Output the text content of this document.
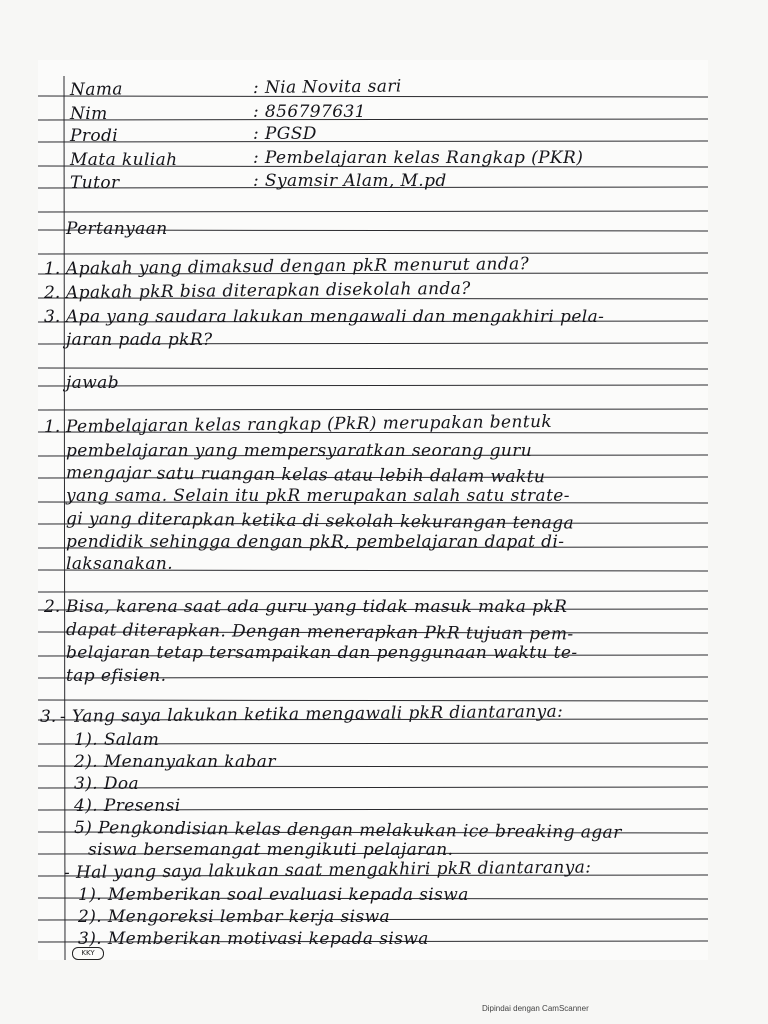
Nama	: Nia Novita sari
Nim	: 856797631
Prodi	: PGSD
Mata kuliah	: Pembelajaran kelas Rangkap (PKR)
Tutor	: Syamsir Alam, M.pd
Pertanyaan
1. Apakah yang dimaksud dengan pkR menurut anda?
2. Apakah pkR bisa diterapkan disekolah anda?
3. Apa yang saudara lakukan mengawali dan mengakhiri pela-
jaran pada pkR?
jawab
1. Pembelajaran kelas rangkap (PkR) merupakan bentuk
pembelajaran yang mempersyaratkan seorang guru
mengajar satu ruangan kelas atau lebih dalam waktu
yang sama. Selain itu pkR merupakan salah satu strate-
gi yang diterapkan ketika di sekolah kekurangan tenaga
pendidik sehingga dengan pkR, pembelajaran dapat di-
laksanakan.
2. Bisa, karena saat ada guru yang tidak masuk maka pkR
dapat diterapkan. Dengan menerapkan PkR tujuan pem-
belajaran tetap tersampaikan dan penggunaan waktu te-
tap efisien.
3. - Yang saya lakukan ketika mengawali pkR diantaranya:
1). Salam
2). Menanyakan kabar
3). Doa
4). Presensi
5) Pengkondisian kelas dengan melakukan ice breaking agar
siswa bersemangat mengikuti pelajaran.
- Hal yang saya lakukan saat mengakhiri pkR diantaranya:
1). Memberikan soal evaluasi kepada siswa
2). Mengoreksi lembar kerja siswa
3). Memberikan motivasi kepada siswa
KKY
Dipindai dengan CamScanner
